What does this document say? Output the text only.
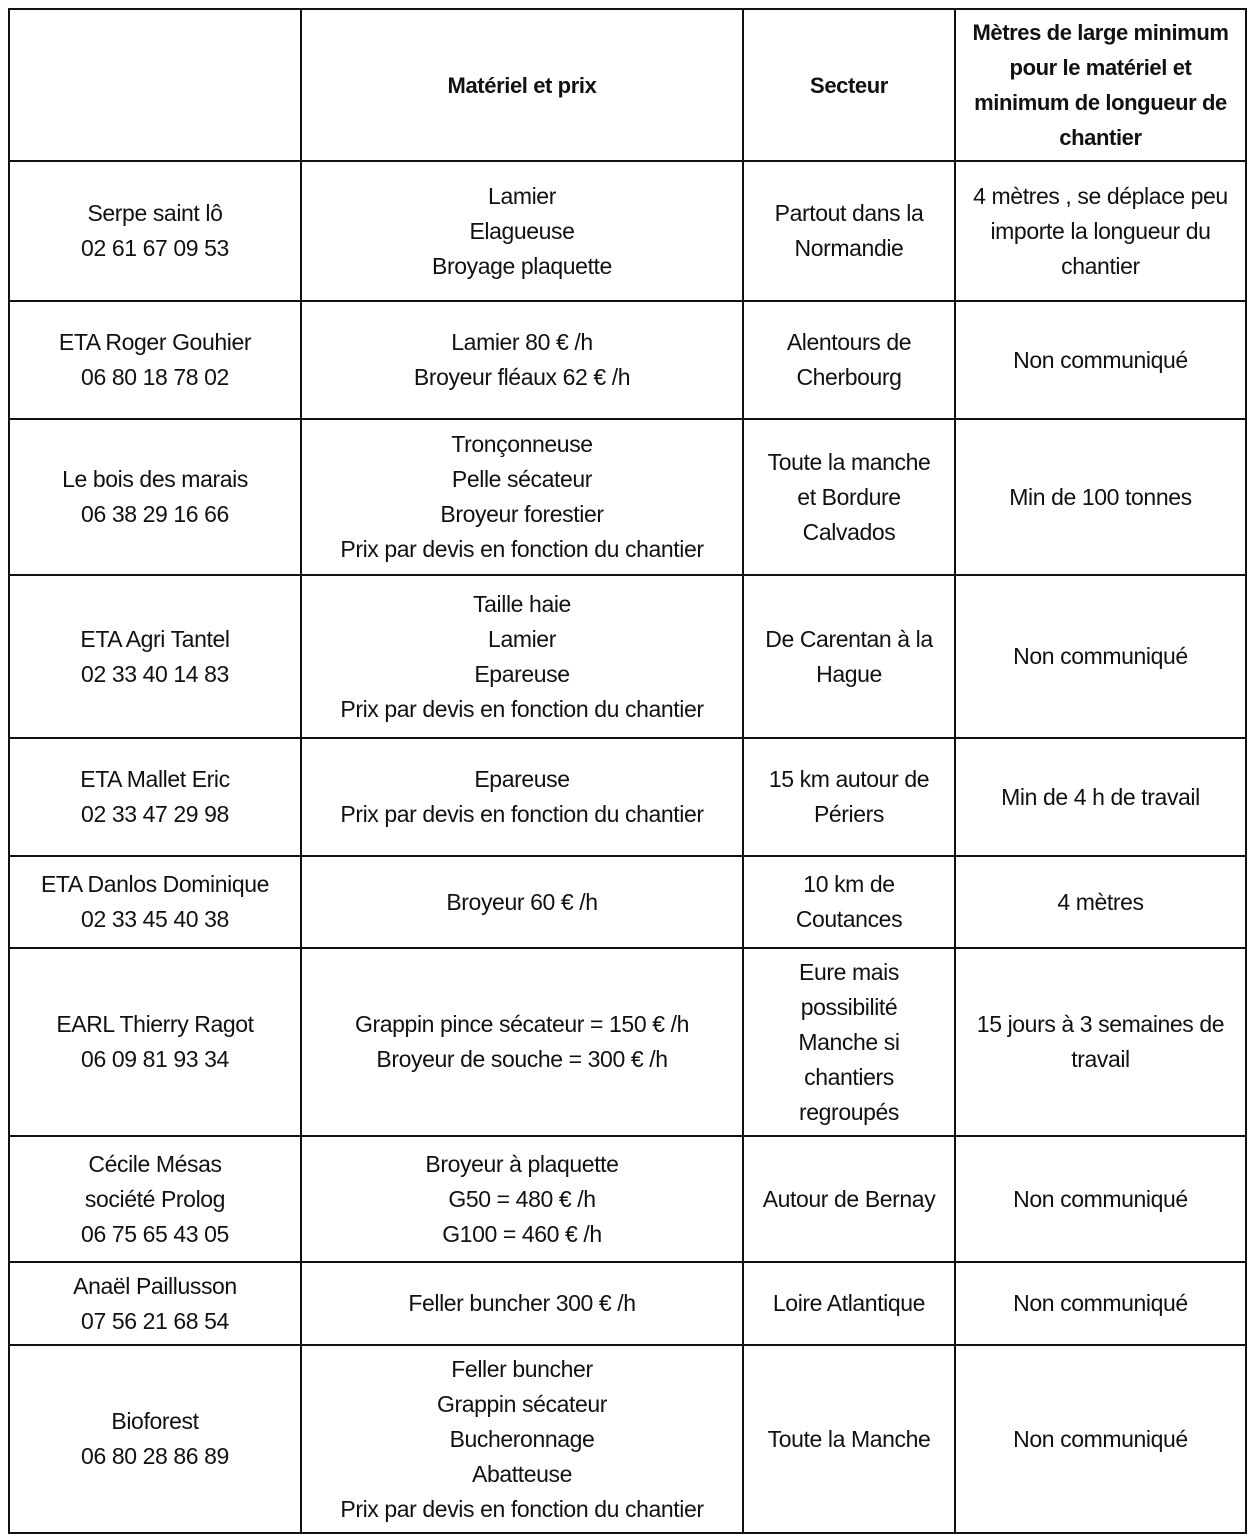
	Matériel et prix	Secteur	Mètres de large minimum
pour le matériel et
minimum de longueur de
chantier

Serpe saint lô
02 61 67 09 53	Lamier
Elagueuse
Broyage plaquette	Partout dans la
Normandie	4 mètres , se déplace peu
importe la longueur du
chantier

ETA Roger Gouhier
06 80 18 78 02	Lamier 80 € /h
Broyeur fléaux 62 € /h	Alentours de
Cherbourg	Non communiqué

Le bois des marais
06 38 29 16 66	Tronçonneuse
Pelle sécateur
Broyeur forestier
Prix par devis en fonction du chantier	Toute la manche
et Bordure
Calvados	Min de 100 tonnes

ETA Agri Tantel
02 33 40 14 83	Taille haie
Lamier
Epareuse
Prix par devis en fonction du chantier	De Carentan à la
Hague	Non communiqué

ETA Mallet Eric
02 33 47 29 98	Epareuse
Prix par devis en fonction du chantier	15 km autour de
Périers	Min de 4 h de travail

ETA Danlos Dominique
02 33 45 40 38	Broyeur 60 € /h	10 km de
Coutances	4 mètres

EARL Thierry Ragot
06 09 81 93 34	Grappin pince sécateur = 150 € /h
Broyeur de souche = 300 € /h	Eure mais
possibilité
Manche si
chantiers
regroupés	15 jours à 3 semaines de
travail

Cécile Mésas
société Prolog
06 75 65 43 05	Broyeur à plaquette
G50 = 480 € /h
G100 = 460 € /h	Autour de Bernay	Non communiqué

Anaël Paillusson
07 56 21 68 54	Feller buncher 300 € /h	Loire Atlantique	Non communiqué

Bioforest
06 80 28 86 89	Feller buncher
Grappin sécateur
Bucheronnage
Abatteuse
Prix par devis en fonction du chantier	Toute la Manche	Non communiqué
